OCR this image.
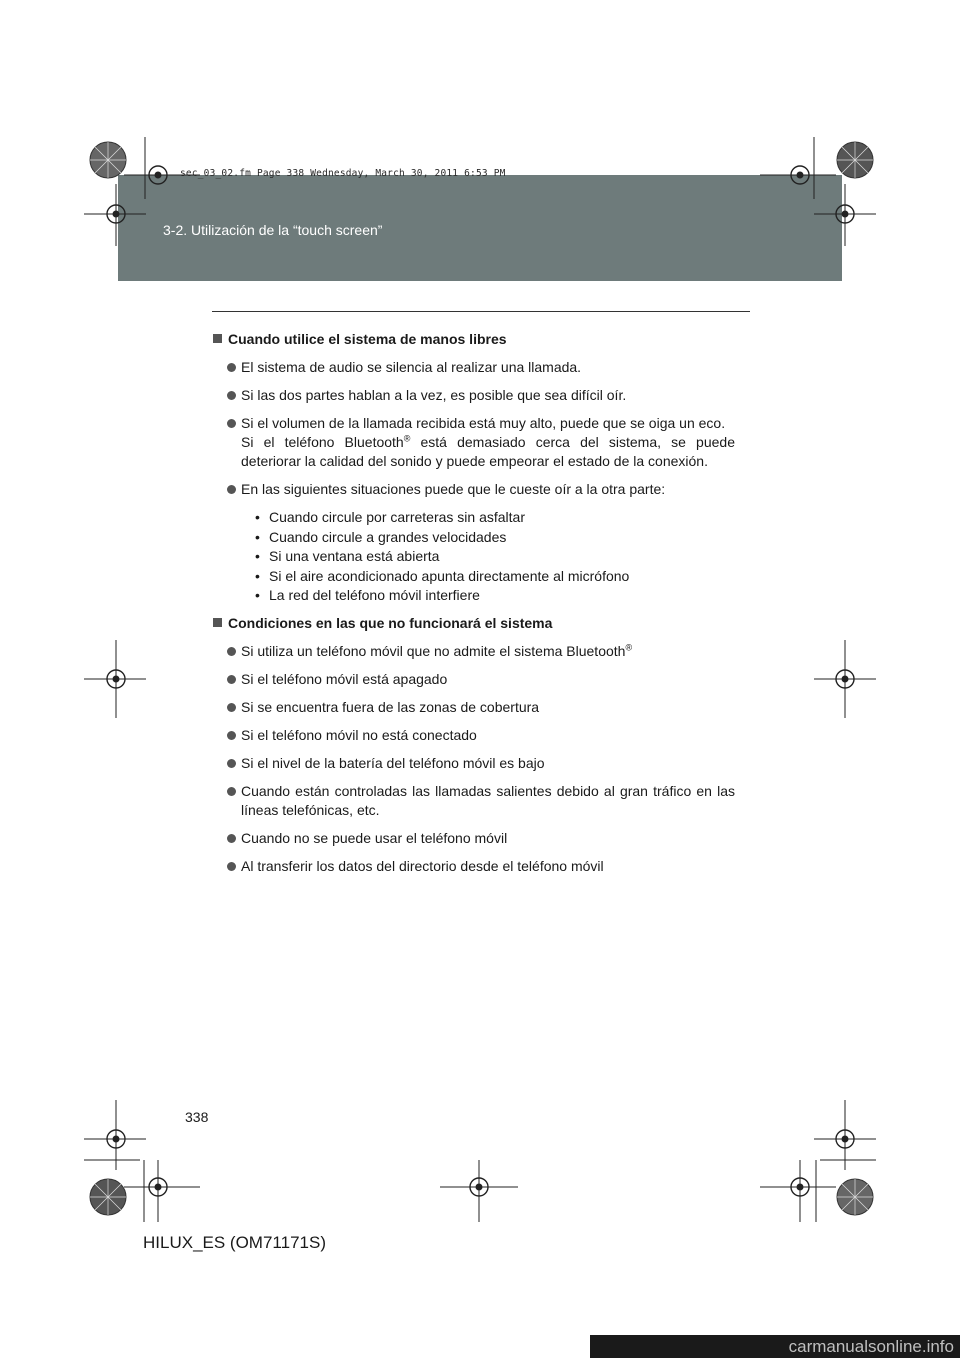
3-2. Utilización de la “touch screen”
sec_03_02.fm Page 338 Wednesday, March 30, 2011 6:53 PM
Cuando utilice el sistema de manos libres
El sistema de audio se silencia al realizar una llamada.
Si las dos partes hablan a la vez, es posible que sea difícil oír.

Si el volumen de la llamada recibida está muy alto, puede que se oiga un eco.

Si el teléfono Bluetooth® está demasiado cerca del sistema, se puede deteriorar la calidad del sonido y puede empeorar el estado de la conexión.

En las siguientes situaciones puede que le cueste oír a la otra parte:
• Cuando circule por carreteras sin asfaltar
• Cuando circule a grandes velocidades
• Si una ventana está abierta
• Si el aire acondicionado apunta directamente al micrófono
• La red del teléfono móvil interfiere
Condiciones en las que no funcionará el sistema
Si utiliza un teléfono móvil que no admite el sistema Bluetooth®
Si el teléfono móvil está apagado
Si se encuentra fuera de las zonas de cobertura
Si el teléfono móvil no está conectado
Si el nivel de la batería del teléfono móvil es bajo
Cuando están controladas las llamadas salientes debido al gran tráfico en las líneas telefónicas, etc.
Cuando no se puede usar el teléfono móvil
Al transferir los datos del directorio desde el teléfono móvil
338
HILUX_ES (OM71171S)
carmanualsonline.info
